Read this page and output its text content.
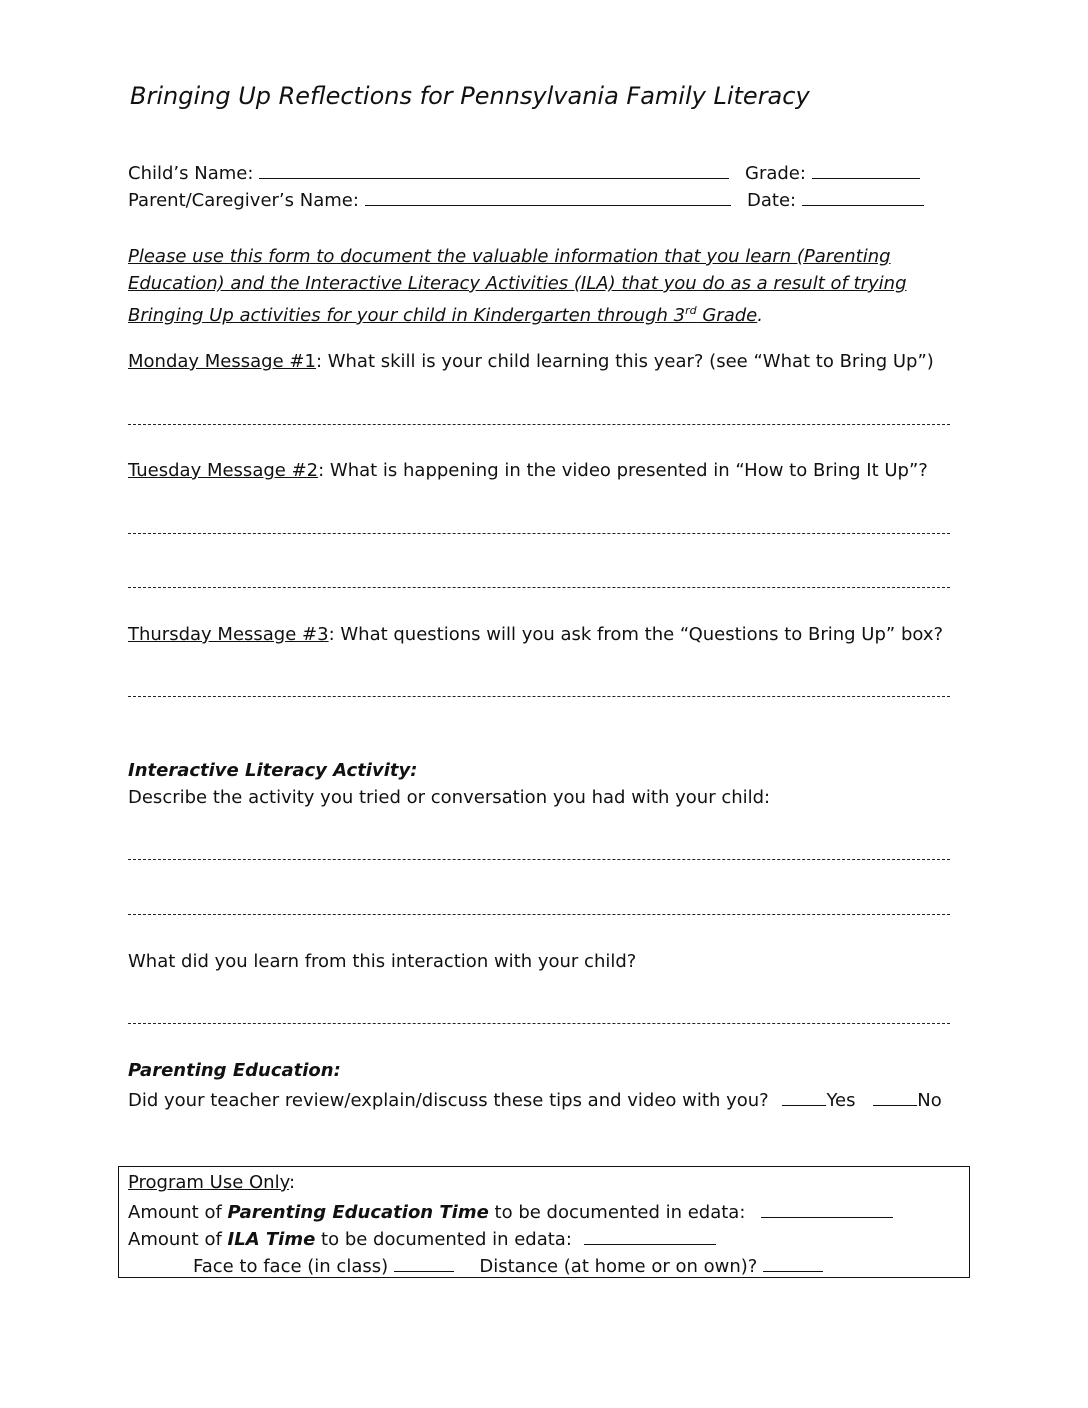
Bringing Up Reflections for Pennsylvania Family Literacy
Child’s Name:	Grade:
Parent/Caregiver’s Name:	Date:
Please use this form to document the valuable information that you learn (Parenting
Education) and the Interactive Literacy Activities (ILA) that you do as a result of trying
Bringing Up activities for your child in Kindergarten through 3rd Grade.
Monday Message #1: What skill is your child learning this year? (see “What to Bring Up”)
Tuesday Message #2: What is happening in the video presented in “How to Bring It Up”?
Thursday Message #3: What questions will you ask from the “Questions to Bring Up” box?
Interactive Literacy Activity:
Describe the activity you tried or conversation you had with your child:
What did you learn from this interaction with your child?
Parenting Education:
Did your teacher review/explain/discuss these tips and video with you?	Yes	No
Program Use Only:
Amount of Parenting Education Time to be documented in edata:
Amount of ILA Time to be documented in edata:
Face to face (in class)	Distance (at home or on own)?
